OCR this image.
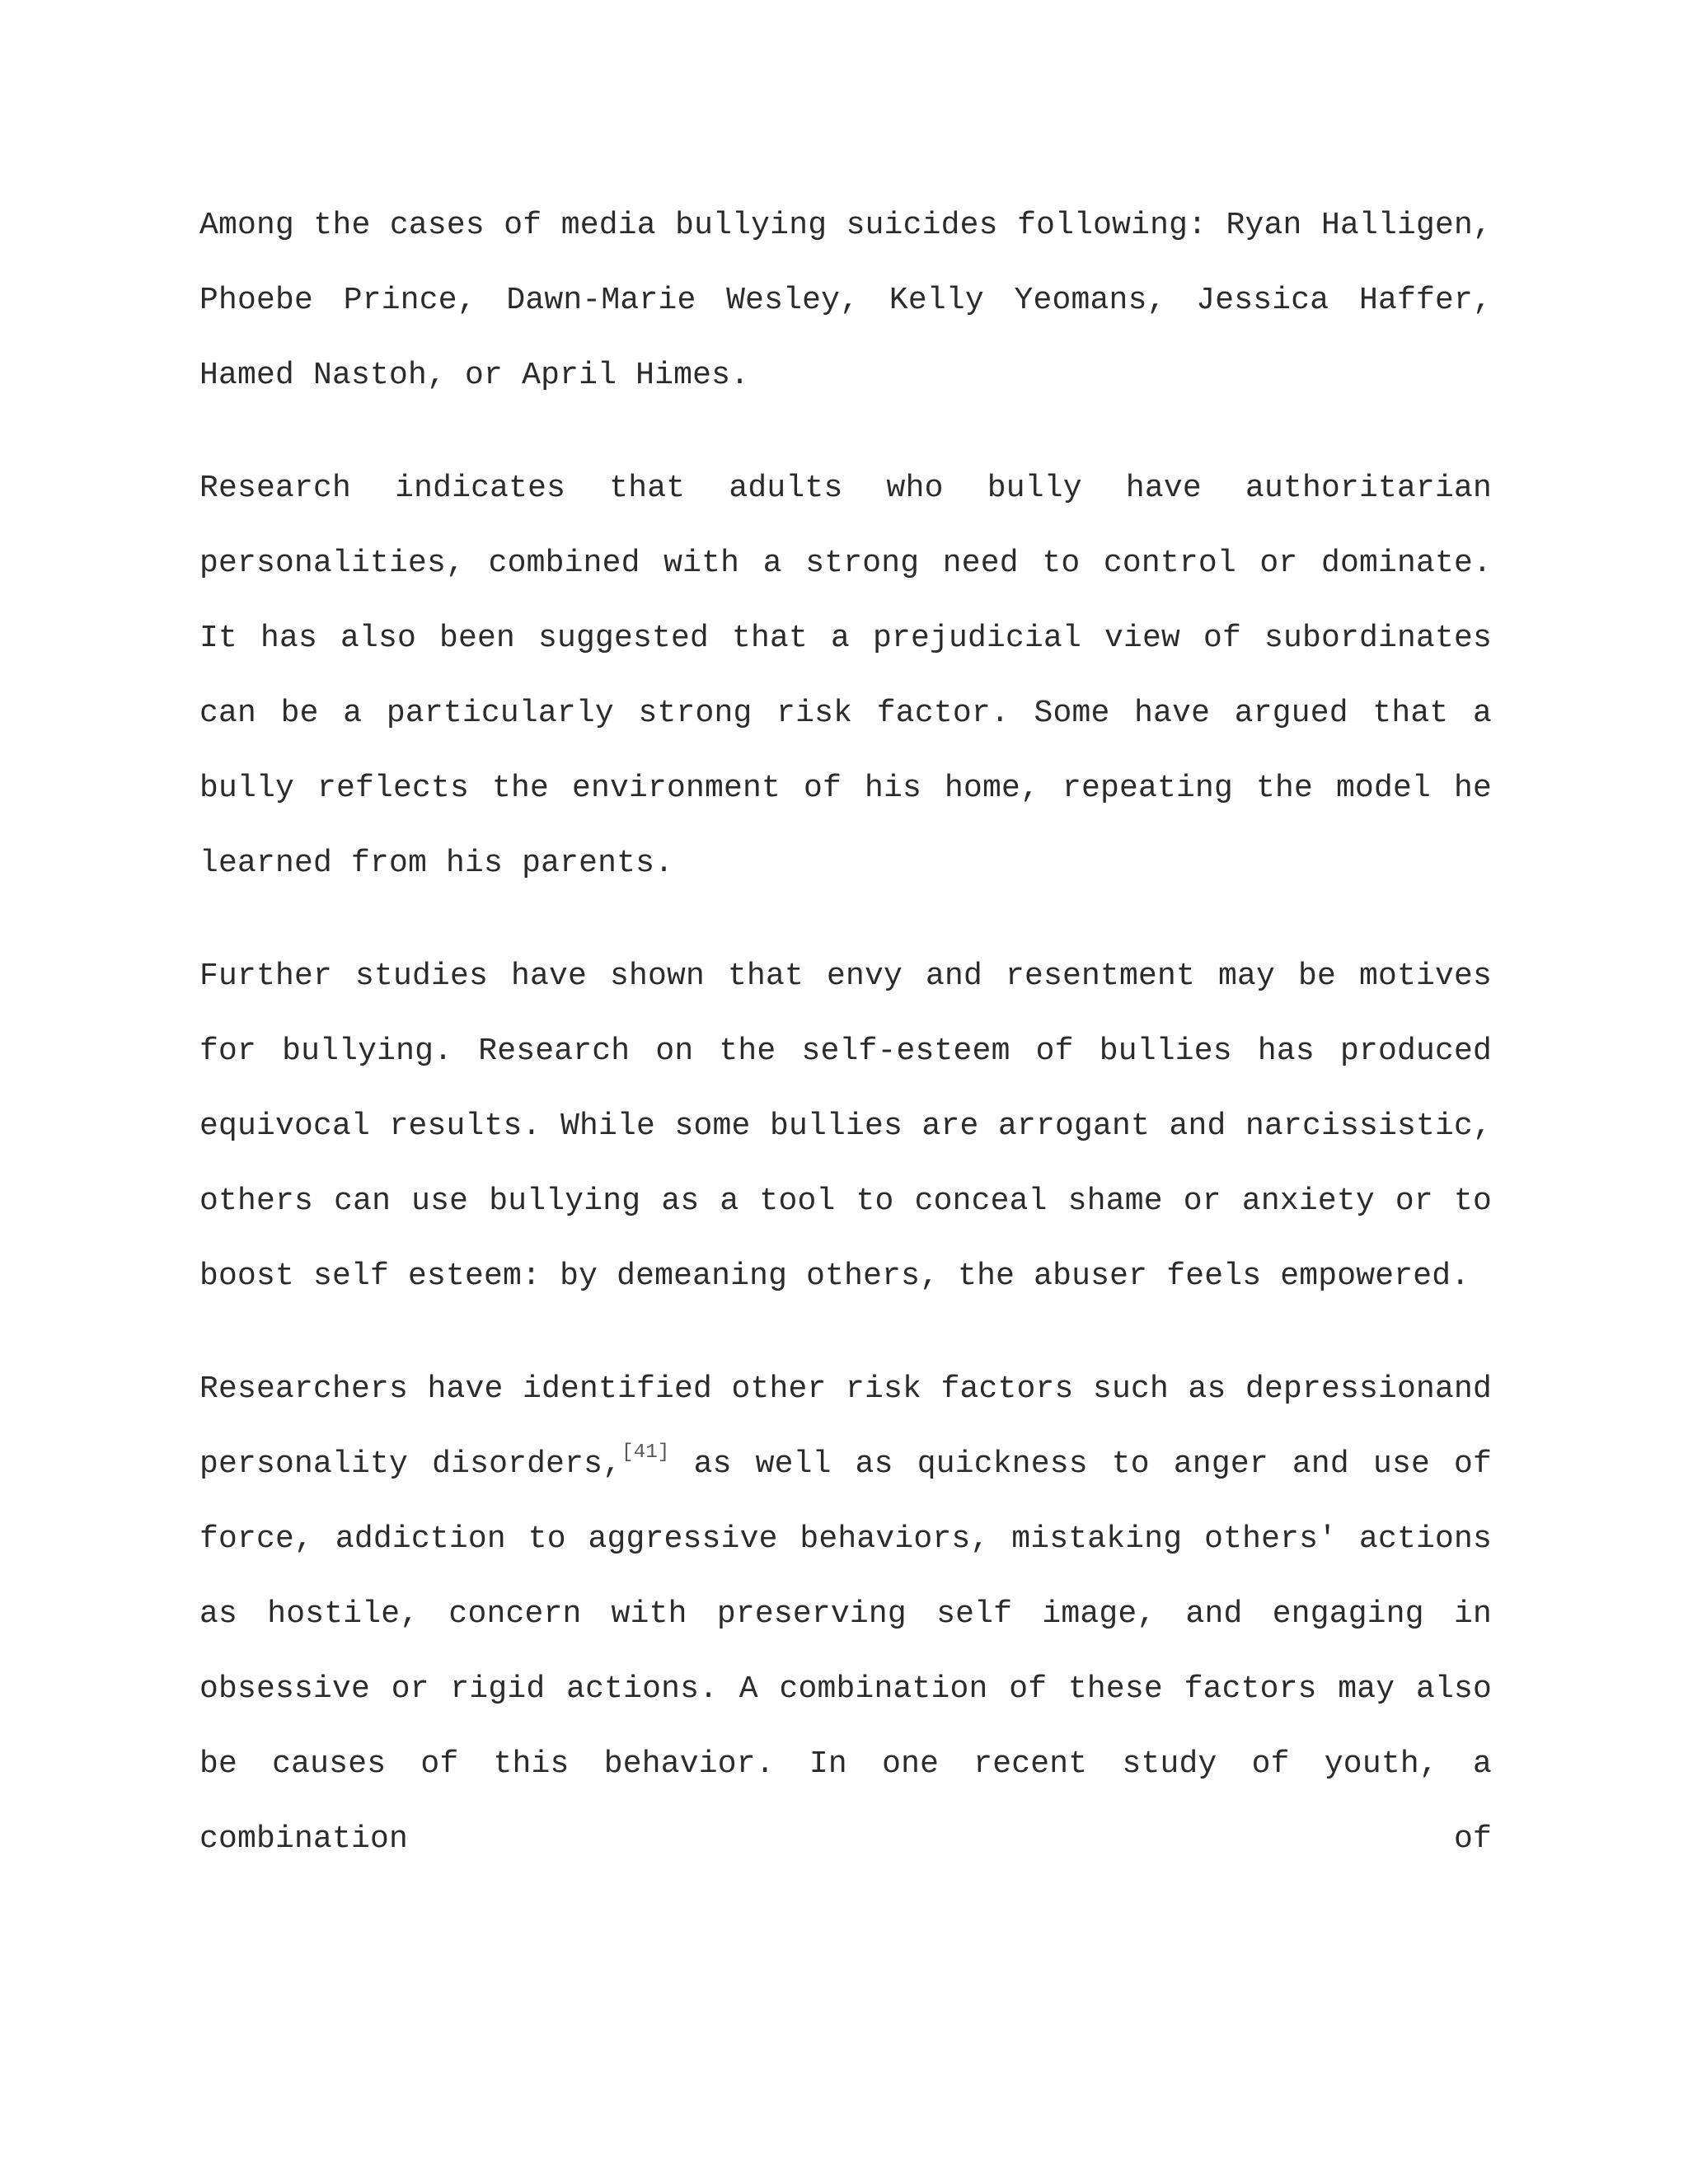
Among the cases of media bullying suicides following: Ryan Halligen, Phoebe Prince, Dawn-Marie Wesley, Kelly Yeomans, Jessica Haffer, Hamed Nastoh, or April Himes.

Research indicates that adults who bully have authoritarian personalities, combined with a strong need to control or dominate. It has also been suggested that a prejudicial view of subordinates can be a particularly strong risk factor. Some have argued that a bully reflects the environment of his home, repeating the model he learned from his parents.

Further studies have shown that envy and resentment may be motives for bullying. Research on the self-esteem of bullies has produced equivocal results. While some bullies are arrogant and narcissistic, others can use bullying as a tool to conceal shame or anxiety or to boost self esteem: by demeaning others, the abuser feels empowered.

Researchers have identified other risk factors such as depressionand personality disorders,[41] as well as quickness to anger and use of force, addiction to aggressive behaviors, mistaking others' actions as hostile, concern with preserving self image, and engaging in obsessive or rigid actions. A combination of these factors may also be causes of this behavior. In one recent study of youth, a combination of
